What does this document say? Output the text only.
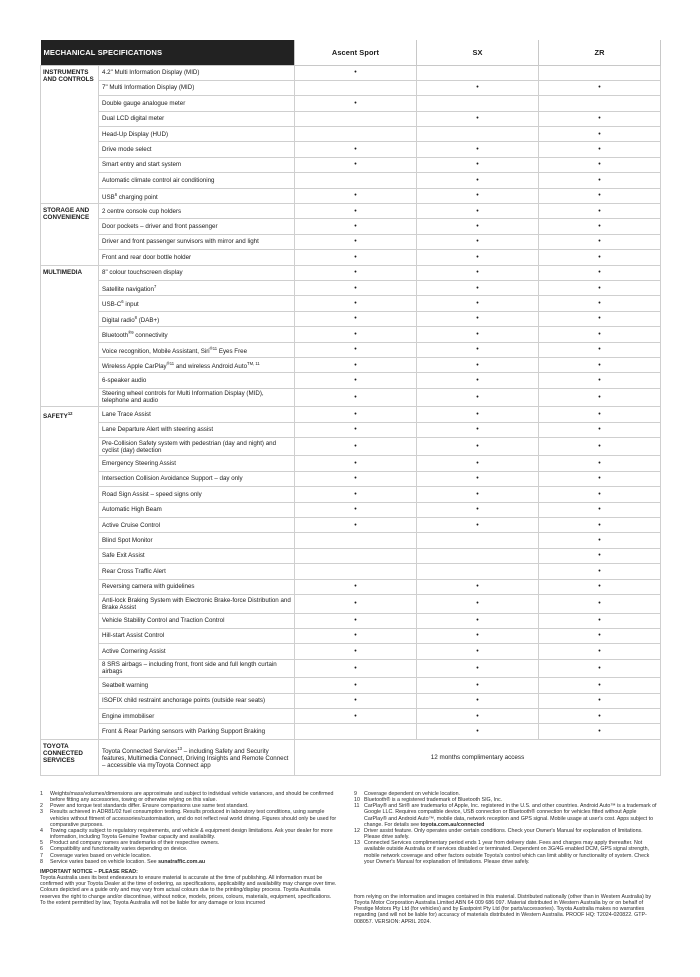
MECHANICAL SPECIFICATIONS		Ascent Sport	SX	ZR
INSTRUMENTS AND CONTROLS	4.2" Multi Information Display (MID)	•		
	7" Multi Information Display (MID)		•	•
	Double gauge analogue meter	•		
	Dual LCD digital meter		•	•
	Head-Up Display (HUD)			•
	Drive mode select	•	•	•
	Smart entry and start system	•	•	•
	Automatic climate control air conditioning		•	•
	USB$^6$ charging point	•	•	•
STORAGE AND CONVENIENCE	2 centre console cup holders	•	•	•
	Door pockets – driver and front passenger	•	•	•
	Driver and front passenger sunvisors with mirror and light	•	•	•
	Front and rear door bottle holder	•	•	•
MULTIMEDIA	8" colour touchscreen display	•	•	•
	Satellite navigation$^7$	•	•	•
	USB-$C^6$ input	•	•	•
	Digital radio$^8$ (DAB+)	•	•	•
	Bluetooth$^{®9}$ connectivity	•	•	•
	Voice recognition, Mobile Assistant, Siri$^{®11}$ Eyes Free	•	•	•
	Wireless Apple CarPlay$^{®11}$ and wireless Android Auto$^{TM, 11}$	•	•	•
	6-speaker audio	•	•	•
	Steering wheel controls for Multi Information Display (MID), telephone and audio	•	•	•
SAFETY$^{12}$	Lane Trace Assist	•	•	•
	Lane Departure Alert with steering assist	•	•	•
	Pre-Collision Safety system with pedestrian (day and night) and cyclist (day) detection	•	•	•
	Emergency Steering Assist	•	•	•
	Intersection Collision Avoidance Support – day only	•	•	•
	Road Sign Assist – speed signs only	•	•	•
	Automatic High Beam	•	•	•
	Active Cruise Control	•	•	•
	Blind Spot Monitor			•
	Safe Exit Assist			•
	Rear Cross Traffic Alert			•
	Reversing camera with guidelines	•	•	•
	Anti-lock Braking System with Electronic Brake-force Distribution and Brake Assist	•	•	•
	Vehicle Stability Control and Traction Control	•	•	•
	Hill-start Assist Control	•	•	•
	Active Cornering Assist	•	•	•
	8 SRS airbags – including front, front side and full length curtain airbags	•	•	•
	Seatbelt warning	•	•	•
	ISOFIX child restraint anchorage points (outside rear seats)	•	•	•
	Engine immobiliser	•	•	•
	Front & Rear Parking sensors with Parking Support Braking		•	•
TOYOTA CONNECTED SERVICES	Toyota Connected Services$^{13}$ – including Safety and Security features, Multimedia Connect, Driving Insights and Remote Connect – accessible via myToyota Connect app	12 months complimentary access		
1	Weights/mass/volumes/dimensions are approximate and subject to individual vehicle variances, and should be confirmed before fitting any accessories, towing or otherwise relying on this value.
2	Power and torque test standards differ. Ensure comparisons use same test standard.
3	Results achieved in ADR81/02 fuel consumption testing. Results produced in laboratory test conditions, using sample vehicles without fitment of accessories/customisation, and do not reflect real world driving. Figures should only be used for comparative purposes.
4	Towing capacity subject to regulatory requirements, and vehicle & equipment design limitations. Ask your dealer for more information, including Toyota Genuine Towbar capacity and availability.
5	Product and company names are trademarks of their respective owners.
6	Compatibility and functionality varies depending on device.
7	Coverage varies based on vehicle location.
8	Service varies based on vehicle location. See sunatraffic.com.au
IMPORTANT NOTICE – PLEASE READ:
Toyota Australia uses its best endeavours to ensure material is accurate at the time of publishing. All information must be confirmed with your Toyota Dealer at the time of ordering, as specifications, applicability and availability may change over time. Colours depicted are a guide only and may vary from actual colours due to the printing/display process. Toyota Australia reserves the right to change and/or discontinue, without notice, models, prices, colours, materials, equipment, specifications. To the extent permitted by law, Toyota Australia will not be liable for any damage or loss incurred
9	Coverage dependent on vehicle location.
10 Bluetooth® is a registered trademark of Bluetooth SIG, Inc.
11 CarPlay® and Siri® are trademarks of Apple, Inc. registered in the U.S. and other countries. Android Auto™ is a trademark of Google LLC. Requires compatible device, USB connection or Bluetooth® connection for vehicles fitted without Apple CarPlay® and Android Auto™, mobile data, network reception and GPS signal. Mobile usage at user's cost. Apps subject to change. For details see toyota.com.au/connected
12 Driver assist feature. Only operates under certain conditions. Check your Owner's Manual for explanation of limitations. Please drive safely.
13 Connected Services complimentary period ends 1 year from delivery date. Fees and charges may apply thereafter. Not available outside Australia or if services disabled or terminated. Dependent on 3G/4G enabled DCM, GPS signal strength, mobile network coverage and other factors outside Toyota's control which can limit ability or functionality of system. Check your Owner's Manual for explanation of limitations. Please drive safely.
from relying on the information and images contained in this material. Distributed nationally (other than in Western Australia) by Toyota Motor Corporation Australia Limited ABN 64 009 686 097. Material distributed in Western Australia by or on behalf of Prestige Motors Pty Ltd (for vehicles) and by Eastpoint Pty Ltd (for parts/accessories). Toyota Australia makes no warranties regarding (and will not be liable for) accuracy of materials distributed in Western Australia. PROOF HQ: T2024-020822. GTP-008057. VERSION: APRIL 2024.
